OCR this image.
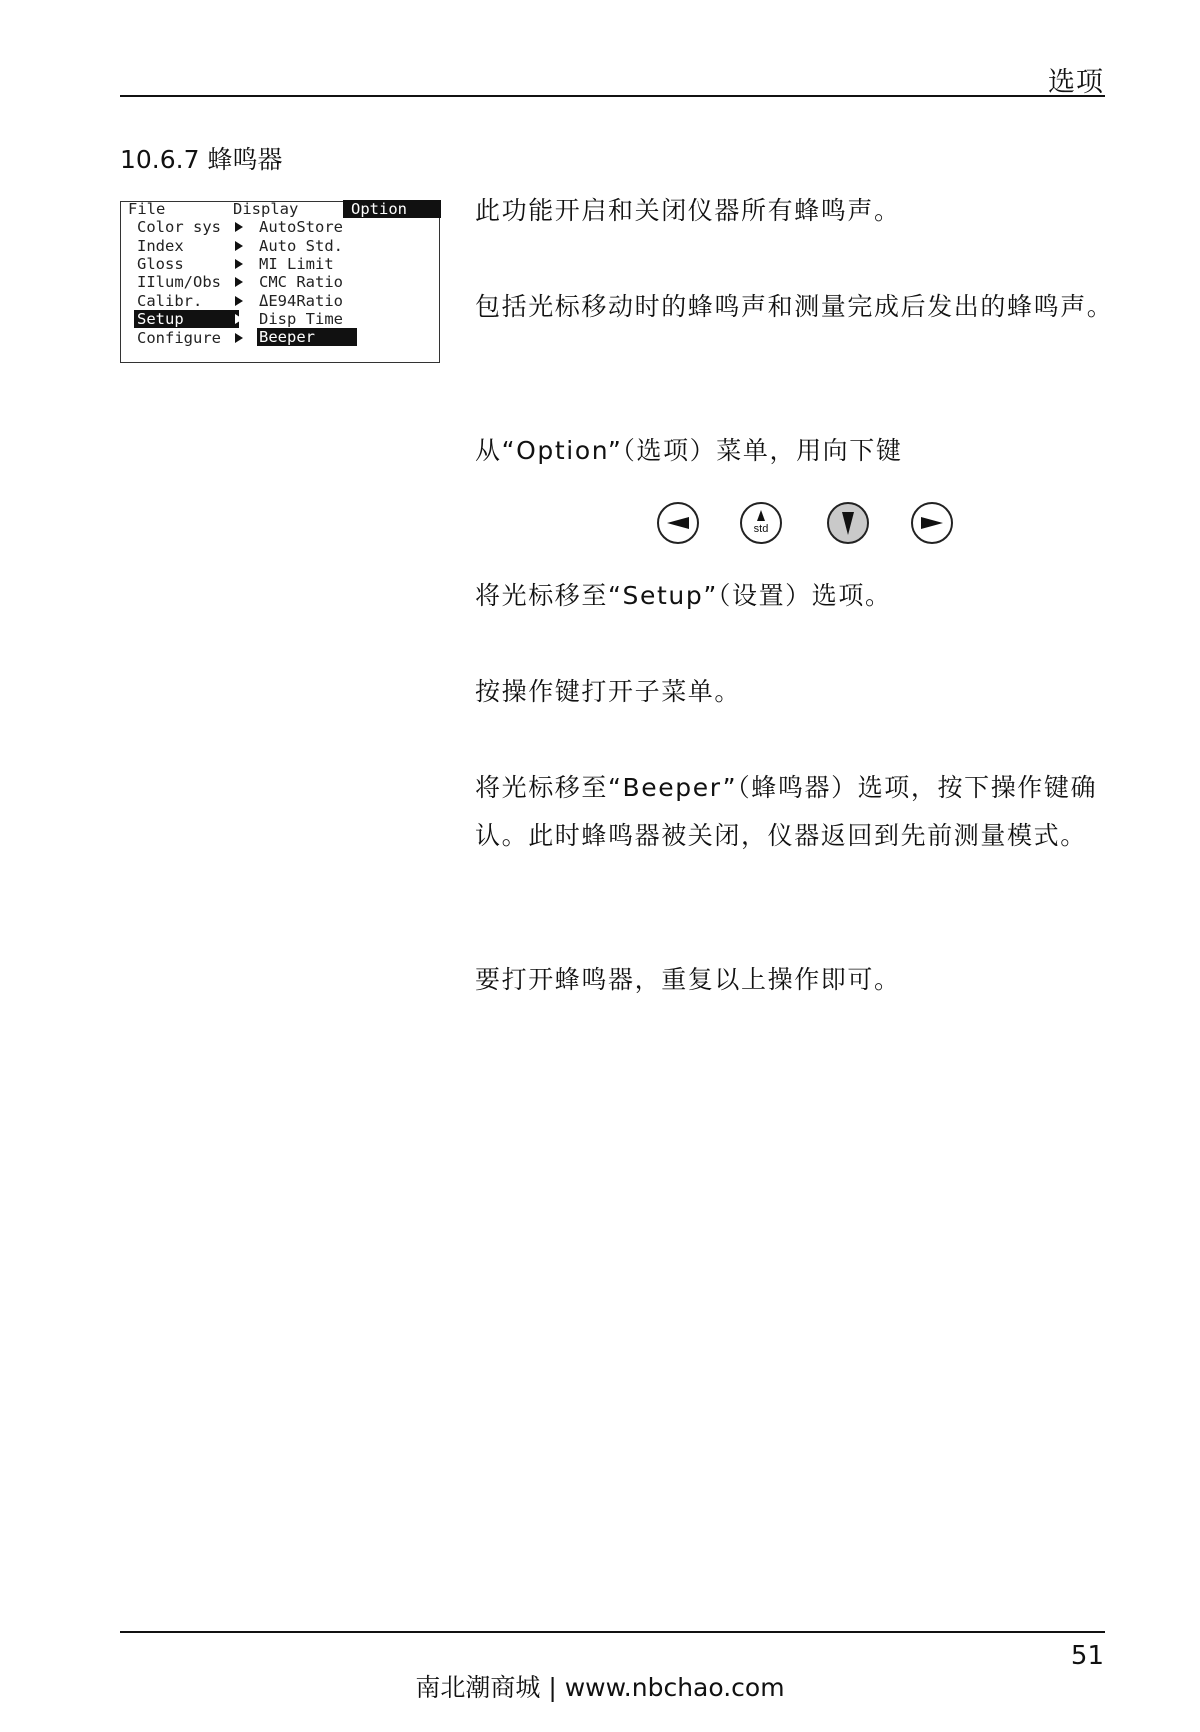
选项
10.6.7 蜂鸣器
File	Display	Option
Color sys
Index
Gloss
IIlum/Obs
Calibr.
Setup
Configure
AutoStore
Auto Std.
MI Limit
CMC Ratio
ΔE94Ratio
Disp Time
Beeper
此功能开启和关闭仪器所有蜂鸣声。
包括光标移动时的蜂鸣声和测量完成后发出的蜂鸣声。
从“Option”（选项）菜单，用向下键
std
将光标移至“Setup”（设置）选项。
按操作键打开子菜单。
将光标移至“Beeper”（蜂鸣器）选项，按下操作键确认。此时蜂鸣器被关闭，仪器返回到先前测量模式。
要打开蜂鸣器，重复以上操作即可。
51
南北潮商城 | www.nbchao.com
